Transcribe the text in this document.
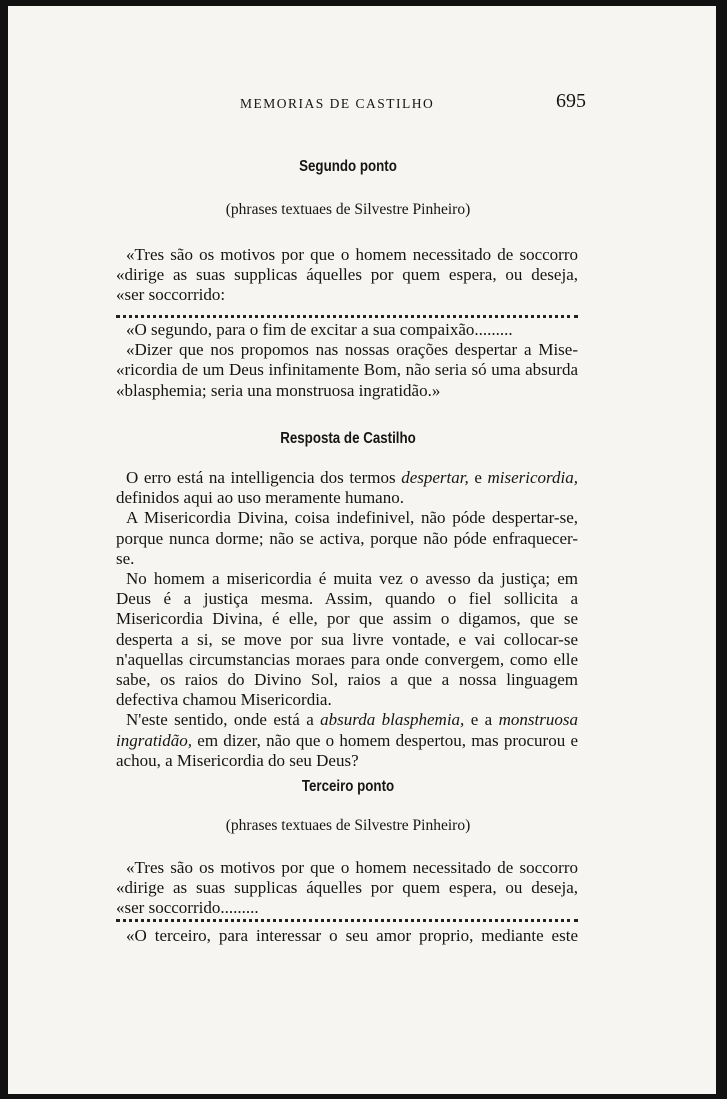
MEMORIAS DE CASTILHO	695
Segundo ponto
(phrases textuaes de Silvestre Pinheiro)

«Tres são os motivos por que o homem necessitado de soccorro

«dirige as suas supplicas áquelles por quem espera, ou deseja,

«ser soccorrido:

«O segundo, para o fim de excitar a sua compaixão.........

«Dizer que nos propomos nas nossas orações despertar a Mise-

«ricordia de um Deus infinitamente Bom, não seria só uma absurda

«blasphemia; seria una monstruosa ingratidão.»

Resposta de Castilho

O erro está na intelligencia dos termos despertar, e misericordia, definidos aqui ao uso meramente humano.

A Misericordia Divina, coisa indefinivel, não póde despertar-se, porque nunca dorme; não se activa, porque não póde enfraquecer-se.

No homem a misericordia é muita vez o avesso da justiça; em Deus é a justiça mesma. Assim, quando o fiel sollicita a Misericordia Divina, é elle, por que assim o digamos, que se desperta a si, se move por sua livre vontade, e vai collocar-se n'aquellas circumstancias moraes para onde convergem, como elle sabe, os raios do Divino Sol, raios a que a nossa linguagem defectiva chamou Misericordia.

N'este sentido, onde está a absurda blasphemia, e a monstruosa ingratidão, em dizer, não que o homem despertou, mas procurou e achou, a Misericordia do seu Deus?

Terceiro ponto
(phrases textuaes de Silvestre Pinheiro)

«Tres são os motivos por que o homem necessitado de soccorro

«dirige as suas supplicas áquelles por quem espera, ou deseja,

«ser soccorrido.........

«O terceiro, para interessar o seu amor proprio, mediante este
